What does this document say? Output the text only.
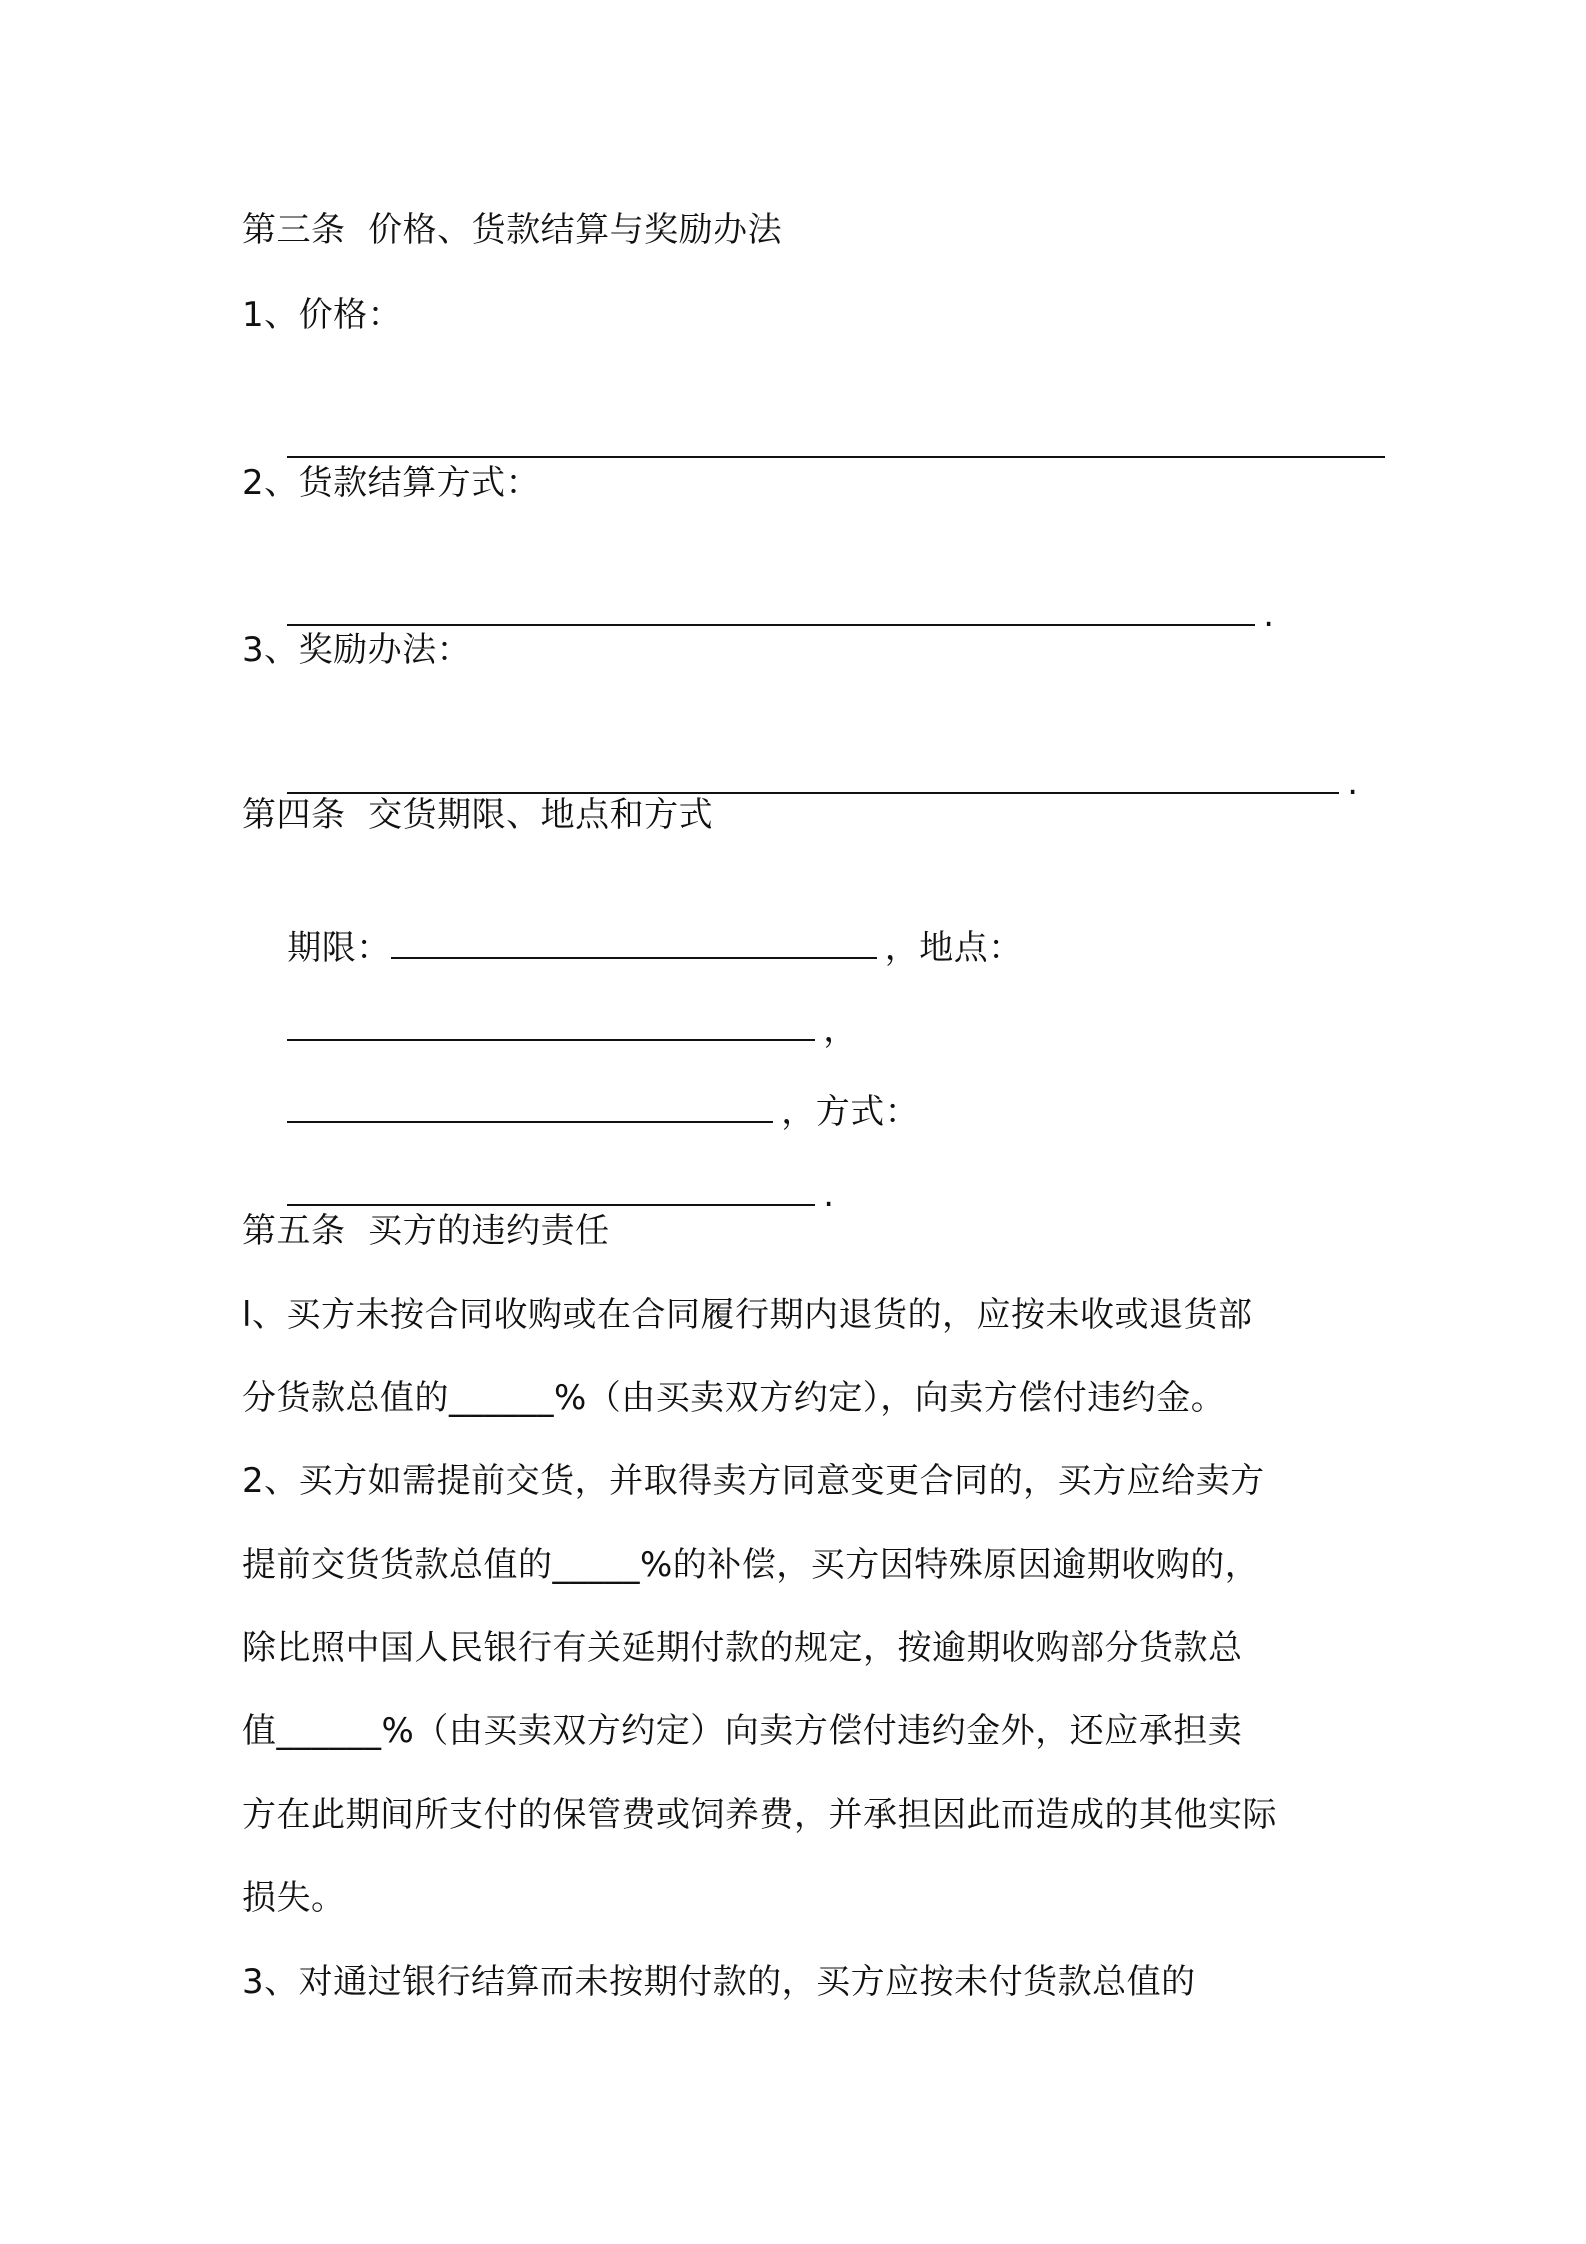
第三条  价格、货款结算与奖励办法
1、价格：

2、货款结算方式：

.

3、奖励办法：

.

第四条  交货期限、地点和方式

期限：	，地点：

，

，方式：

.

第五条  买方的违约责任
l、买方未按合同收购或在合同履行期内退货的，应按未收或退货部
分货款总值的______%（由买卖双方约定），向卖方偿付违约金。
2、买方如需提前交货，并取得卖方同意变更合同的，买方应给卖方
提前交货货款总值的_____%的补偿，买方因特殊原因逾期收购的，
除比照中国人民银行有关延期付款的规定，按逾期收购部分货款总
值______%（由买卖双方约定）向卖方偿付违约金外，还应承担卖
方在此期间所支付的保管费或饲养费，并承担因此而造成的其他实际
损失。
3、对通过银行结算而未按期付款的，买方应按未付货款总值的
